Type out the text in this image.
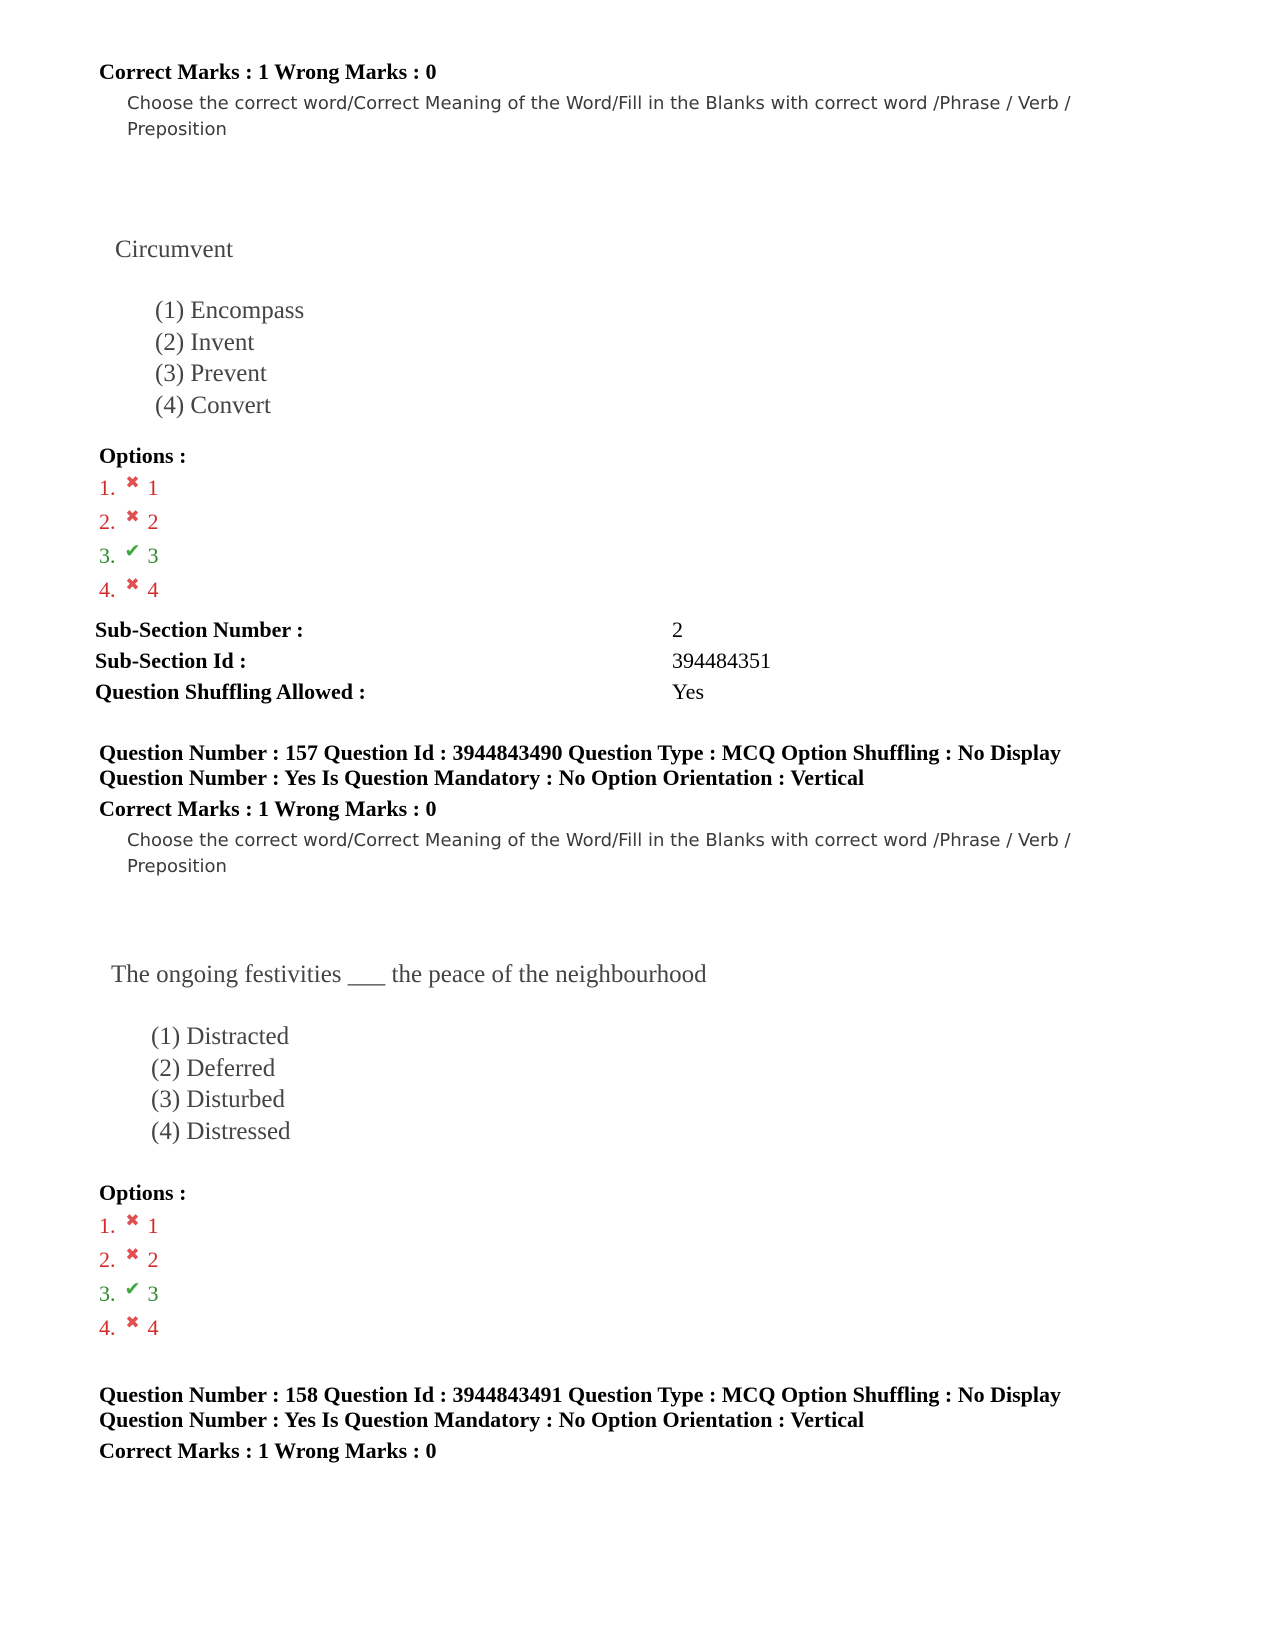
Correct Marks : 1 Wrong Marks : 0
Choose the correct word/Correct Meaning of the Word/Fill in the Blanks with correct word /Phrase / Verb / Preposition
Circumvent
(1) Encompass
(2) Invent
(3) Prevent
(4) Convert
Options :
1. ✖ 1
2. ✖ 2
3. ✔ 3
4. ✖ 4
Sub-Section Number :	2
Sub-Section Id :	394484351
Question Shuffling Allowed :	Yes
Question Number : 157 Question Id : 3944843490 Question Type : MCQ Option Shuffling : No Display
Question Number : Yes Is Question Mandatory : No Option Orientation : Vertical
Correct Marks : 1 Wrong Marks : 0
Choose the correct word/Correct Meaning of the Word/Fill in the Blanks with correct word /Phrase / Verb / Preposition
The ongoing festivities ___ the peace of the neighbourhood
(1) Distracted
(2) Deferred
(3) Disturbed
(4) Distressed
Options :
1. ✖ 1
2. ✖ 2
3. ✔ 3
4. ✖ 4
Question Number : 158 Question Id : 3944843491 Question Type : MCQ Option Shuffling : No Display
Question Number : Yes Is Question Mandatory : No Option Orientation : Vertical
Correct Marks : 1 Wrong Marks : 0
